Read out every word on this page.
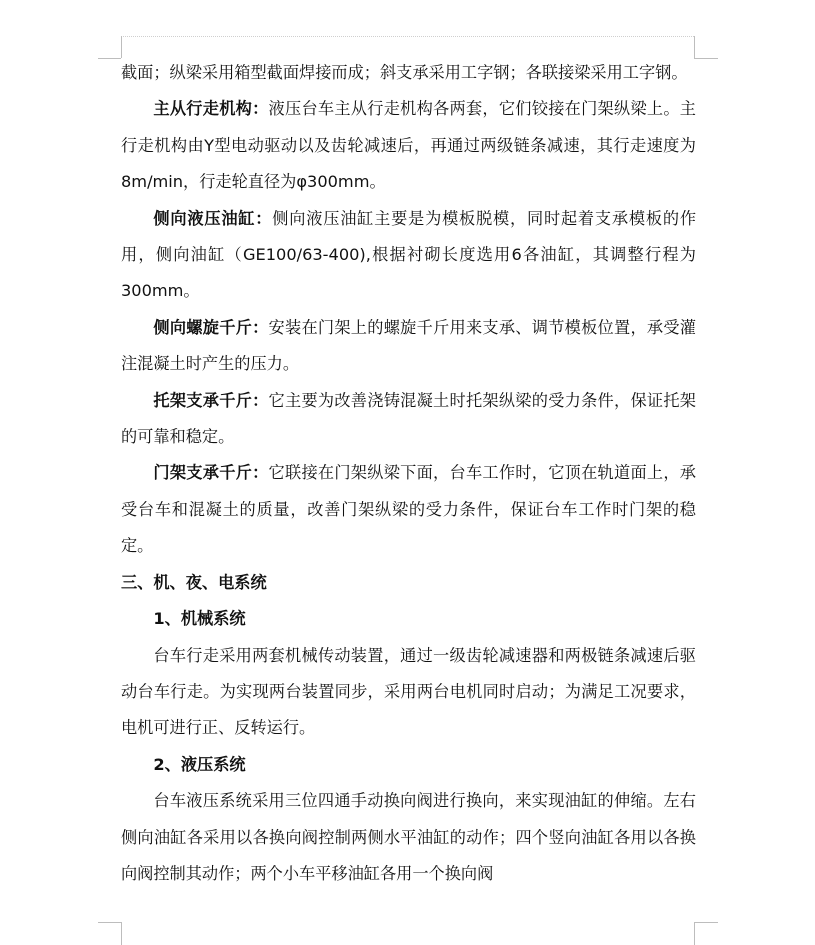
截面；纵梁采用箱型截面焊接而成；斜支承采用工字钢；各联接梁采用工字钢。

主从行走机构：液压台车主从行走机构各两套，它们铰接在门架纵梁上。主行走机构由Y型电动驱动以及齿轮减速后，再通过两级链条减速，其行走速度为8m/min，行走轮直径为φ300mm。

侧向液压油缸：侧向液压油缸主要是为模板脱模，同时起着支承模板的作用，侧向油缸（GE100/63-400),根据衬砌长度选用6各油缸，其调整行程为300mm。

侧向螺旋千斤：安装在门架上的螺旋千斤用来支承、调节模板位置，承受灌注混凝土时产生的压力。

托架支承千斤：它主要为改善浇铸混凝土时托架纵梁的受力条件，保证托架的可靠和稳定。

门架支承千斤：它联接在门架纵梁下面，台车工作时，它顶在轨道面上，承受台车和混凝土的质量，改善门架纵梁的受力条件，保证台车工作时门架的稳定。

三、机、夜、电系统

1、机械系统

台车行走采用两套机械传动装置，通过一级齿轮减速器和两极链条减速后驱动台车行走。为实现两台装置同步，采用两台电机同时启动；为满足工况要求，电机可进行正、反转运行。

2、液压系统

台车液压系统采用三位四通手动换向阀进行换向，来实现油缸的伸缩。左右侧向油缸各采用以各换向阀控制两侧水平油缸的动作；四个竖向油缸各用以各换向阀控制其动作；两个小车平移油缸各用一个换向阀
